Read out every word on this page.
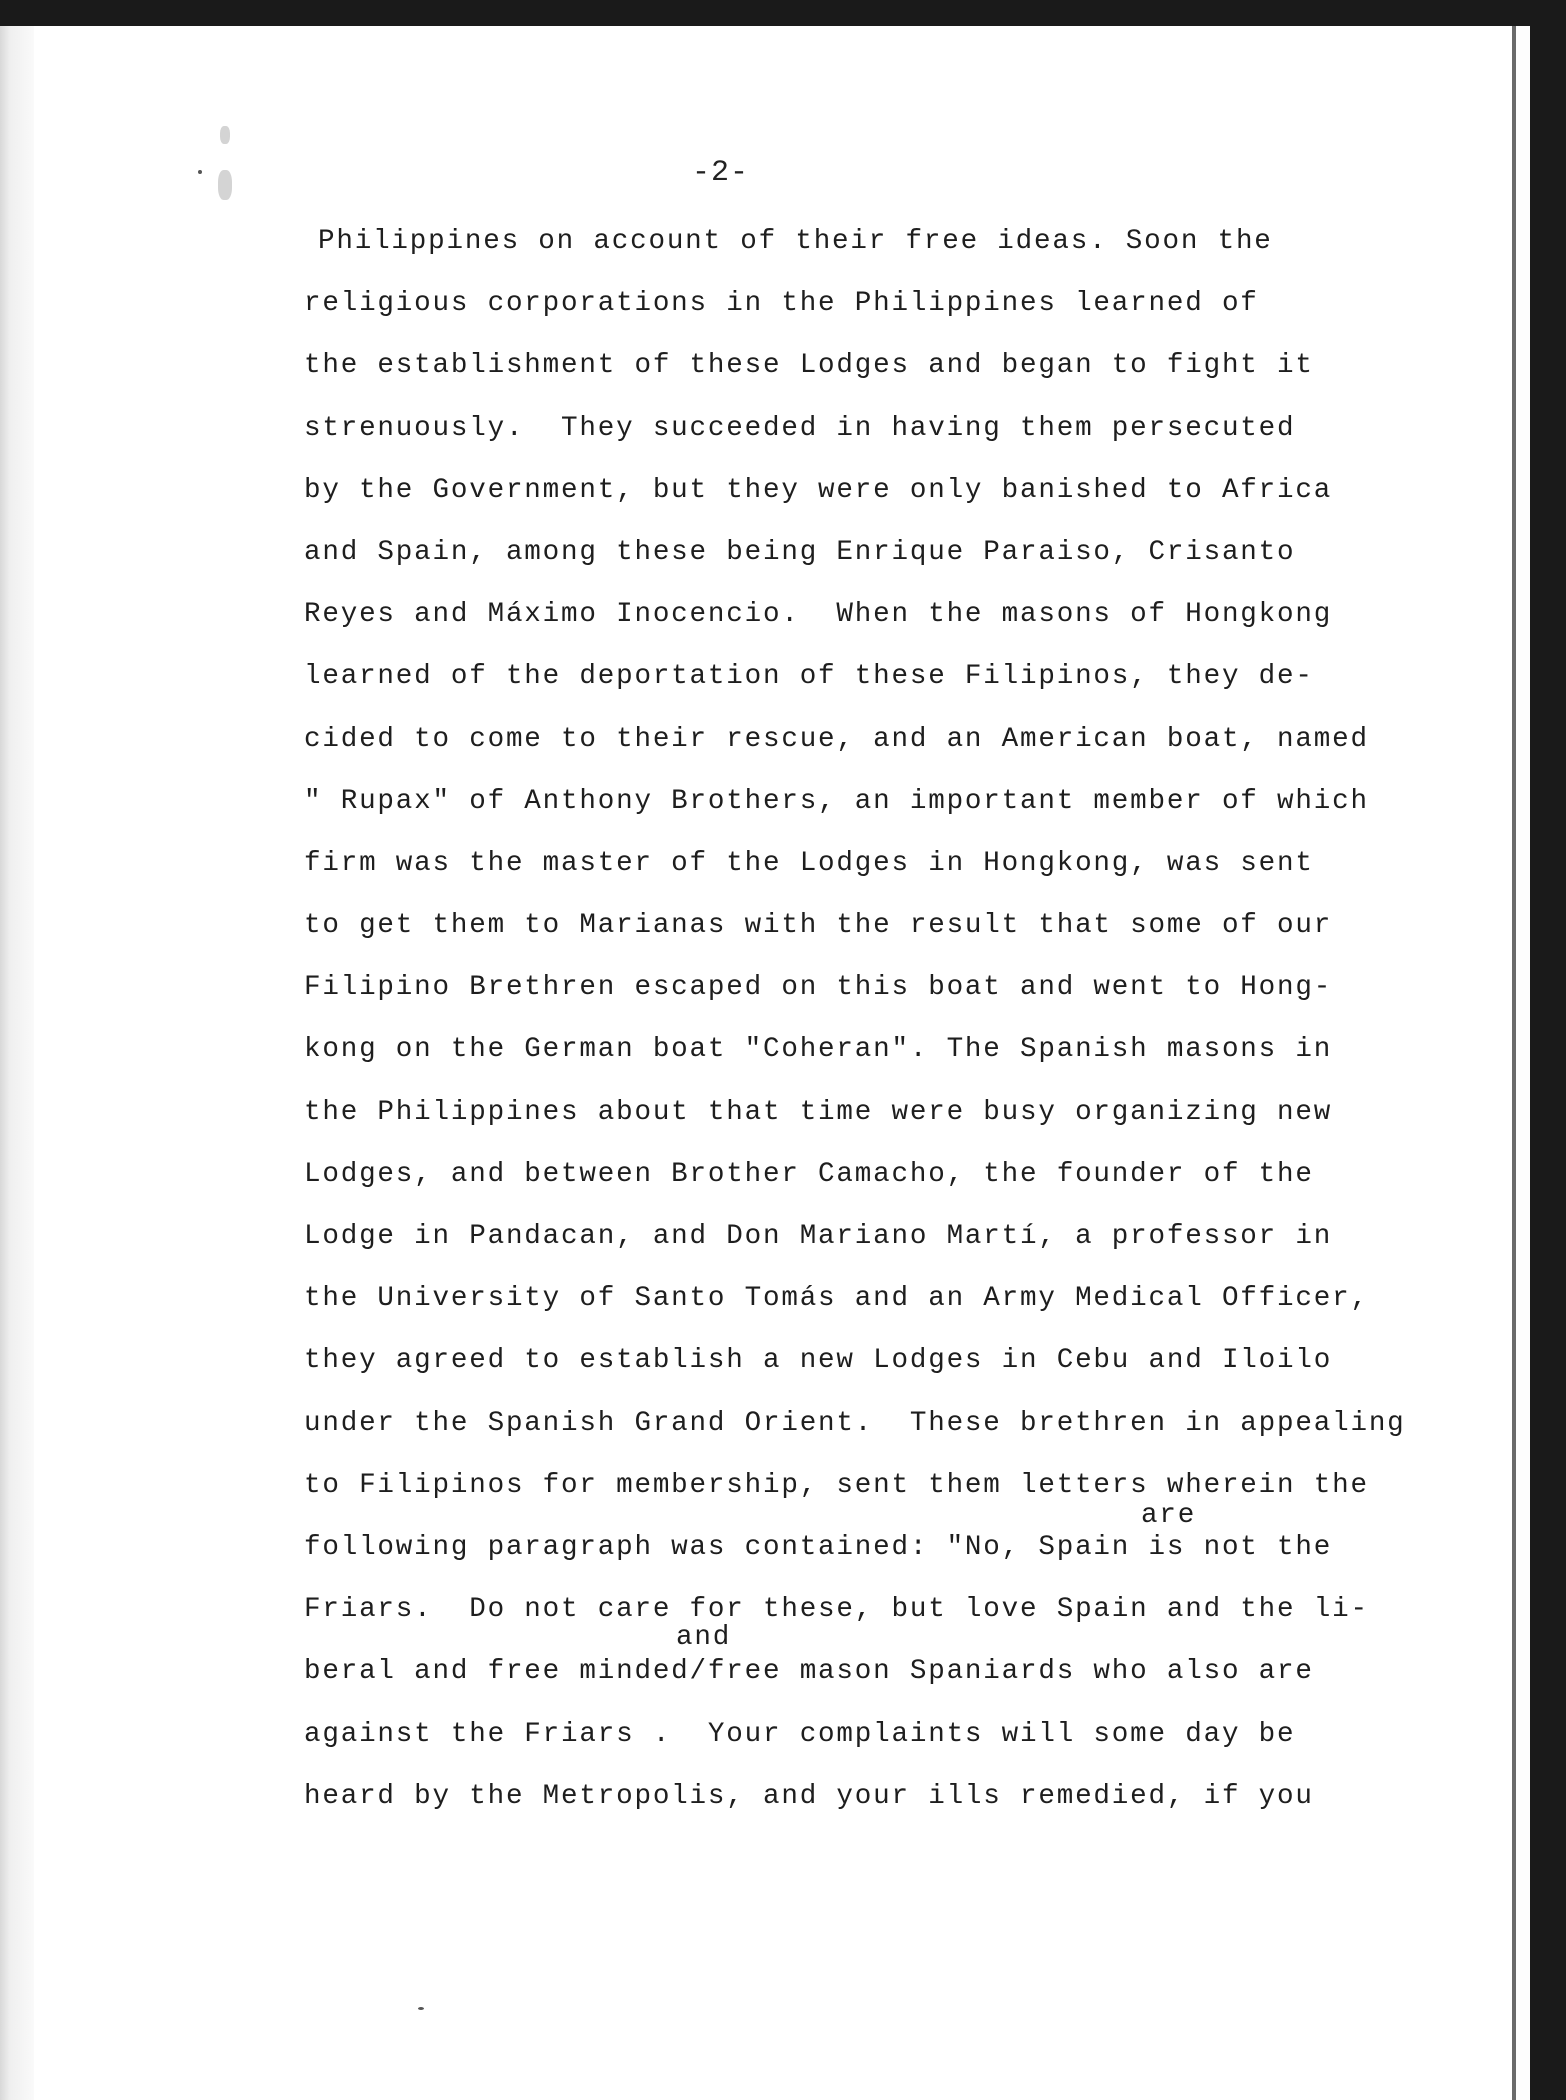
-2-
Philippines on account of their free ideas. Soon the
religious corporations in the Philippines learned of
the establishment of these Lodges and began to fight it
strenuously.  They succeeded in having them persecuted
by the Government, but they were only banished to Africa
and Spain, among these being Enrique Paraiso, Crisanto
Reyes and Máximo Inocencio.  When the masons of Hongkong
learned of the deportation of these Filipinos, they de-
cided to come to their rescue, and an American boat, named
" Rupax" of Anthony Brothers, an important member of which
firm was the master of the Lodges in Hongkong, was sent
to get them to Marianas with the result that some of our
Filipino Brethren escaped on this boat and went to Hong-
kong on the German boat "Coheran". The Spanish masons in
the Philippines about that time were busy organizing new
Lodges, and between Brother Camacho, the founder of the
Lodge in Pandacan, and Don Mariano Martí, a professor in
the University of Santo Tomás and an Army Medical Officer,
they agreed to establish a new Lodges in Cebu and Iloilo
under the Spanish Grand Orient.  These brethren in appealing
to Filipinos for membership, sent them letters wherein the
following paragraph was contained: "No, Spain is not the
Friars.  Do not care for these, but love Spain and the li-
beral and free minded/free mason Spaniards who also are
against the Friars .  Your complaints will some day be
heard by the Metropolis, and your ills remedied, if you
are
and
